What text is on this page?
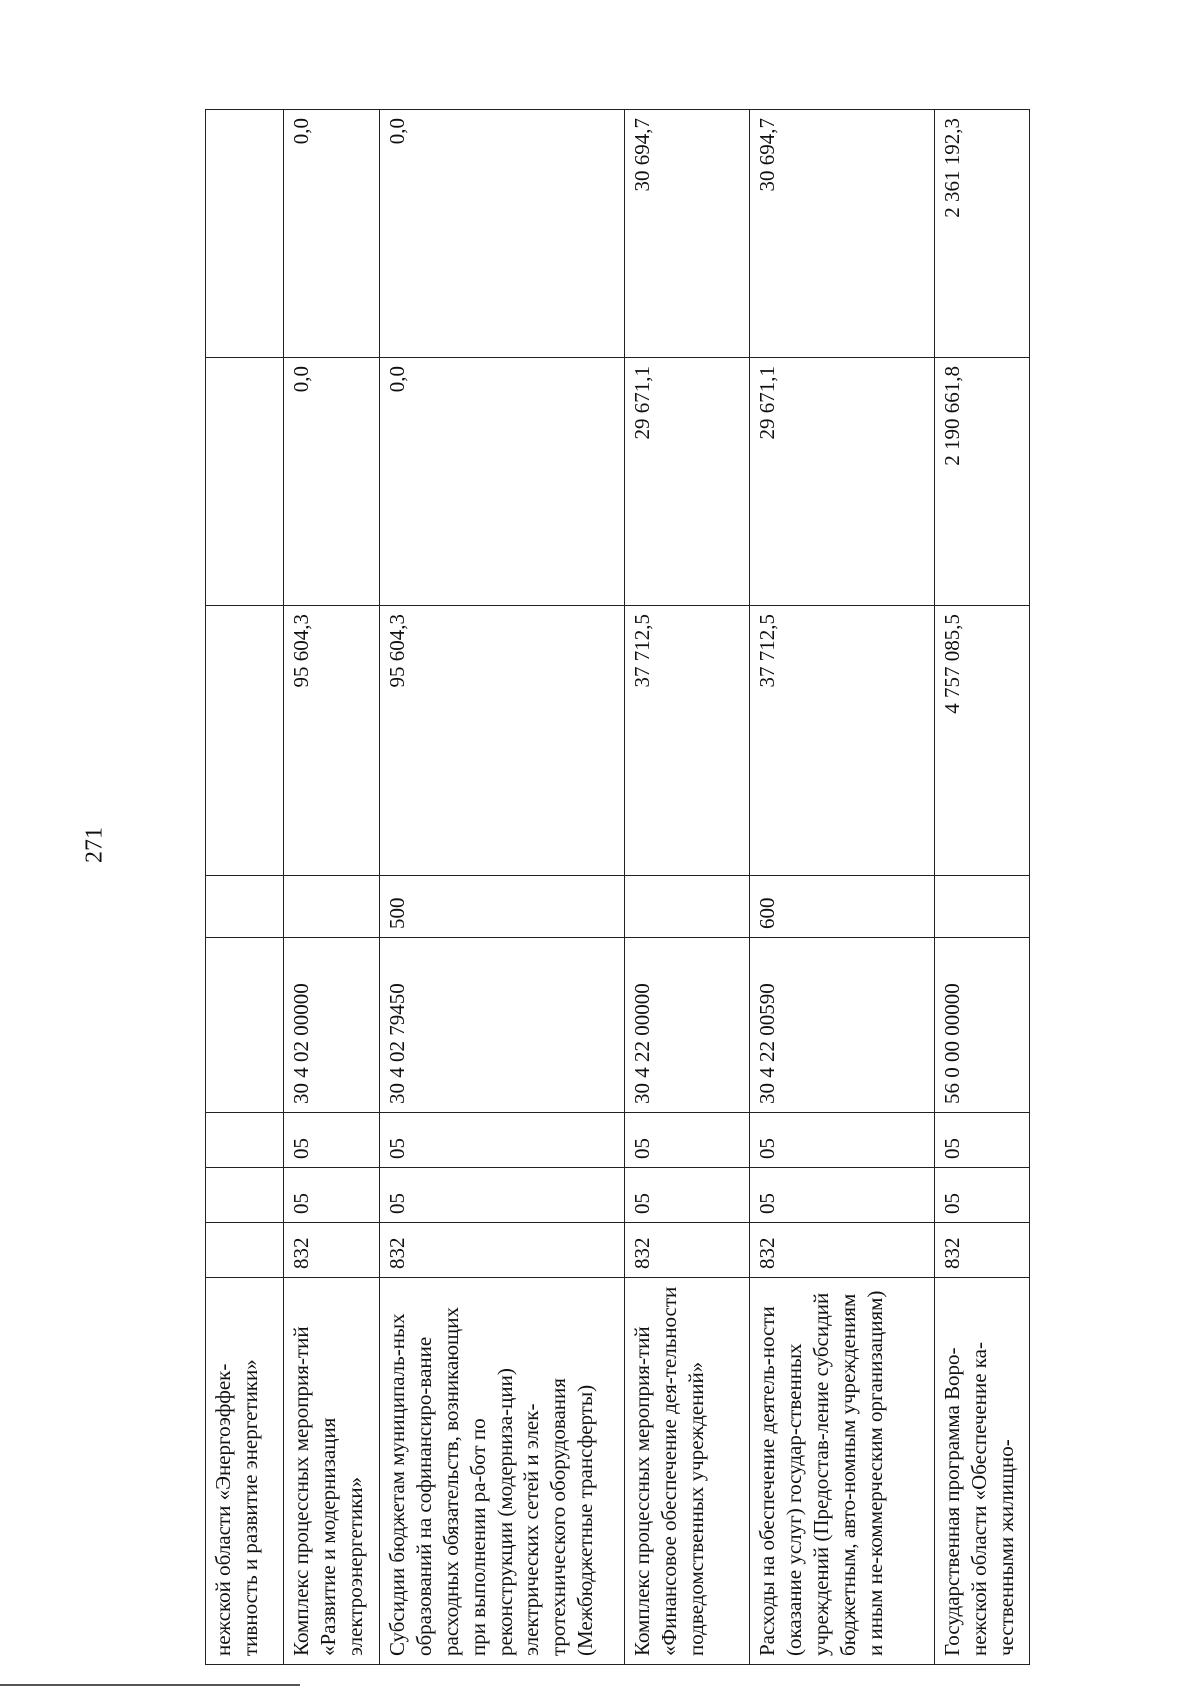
271
нежской области «Энергоэффек-тивность и развитие энергетики»								
Комплекс процессных мероприя-тий «Развитие и модернизация электроэнергетики»	832	05	05	30 4 02 00000		95 604,3	0,0	0,0
Субсидии бюджетам муниципаль-ных образований на софинансиро-вание расходных обязательств, возникающих при выполнении ра-бот по реконструкции (модерниза-ции) электрических сетей и элек-тротехнического оборудования (Межбюджетные трансферты)	832	05	05	30 4 02 79450	500	95 604,3	0,0	0,0
Комплекс процессных мероприя-тий «Финансовое обеспечение дея-тельности подведомственных учреждений»	832	05	05	30 4 22 00000		37 712,5	29 671,1	30 694,7
Расходы на обеспечение деятель-ности (оказание услуг) государ-ственных учреждений (Предостав-ление субсидий бюджетным, авто-номным учреждениям и иным не-коммерческим организациям)	832	05	05	30 4 22 00590	600	37 712,5	29 671,1	30 694,7
Государственная программа Воро-нежской области «Обеспечение ка-чественными жилищно-	832	05	05	56 0 00 00000		4 757 085,5	2 190 661,8	2 361 192,3
